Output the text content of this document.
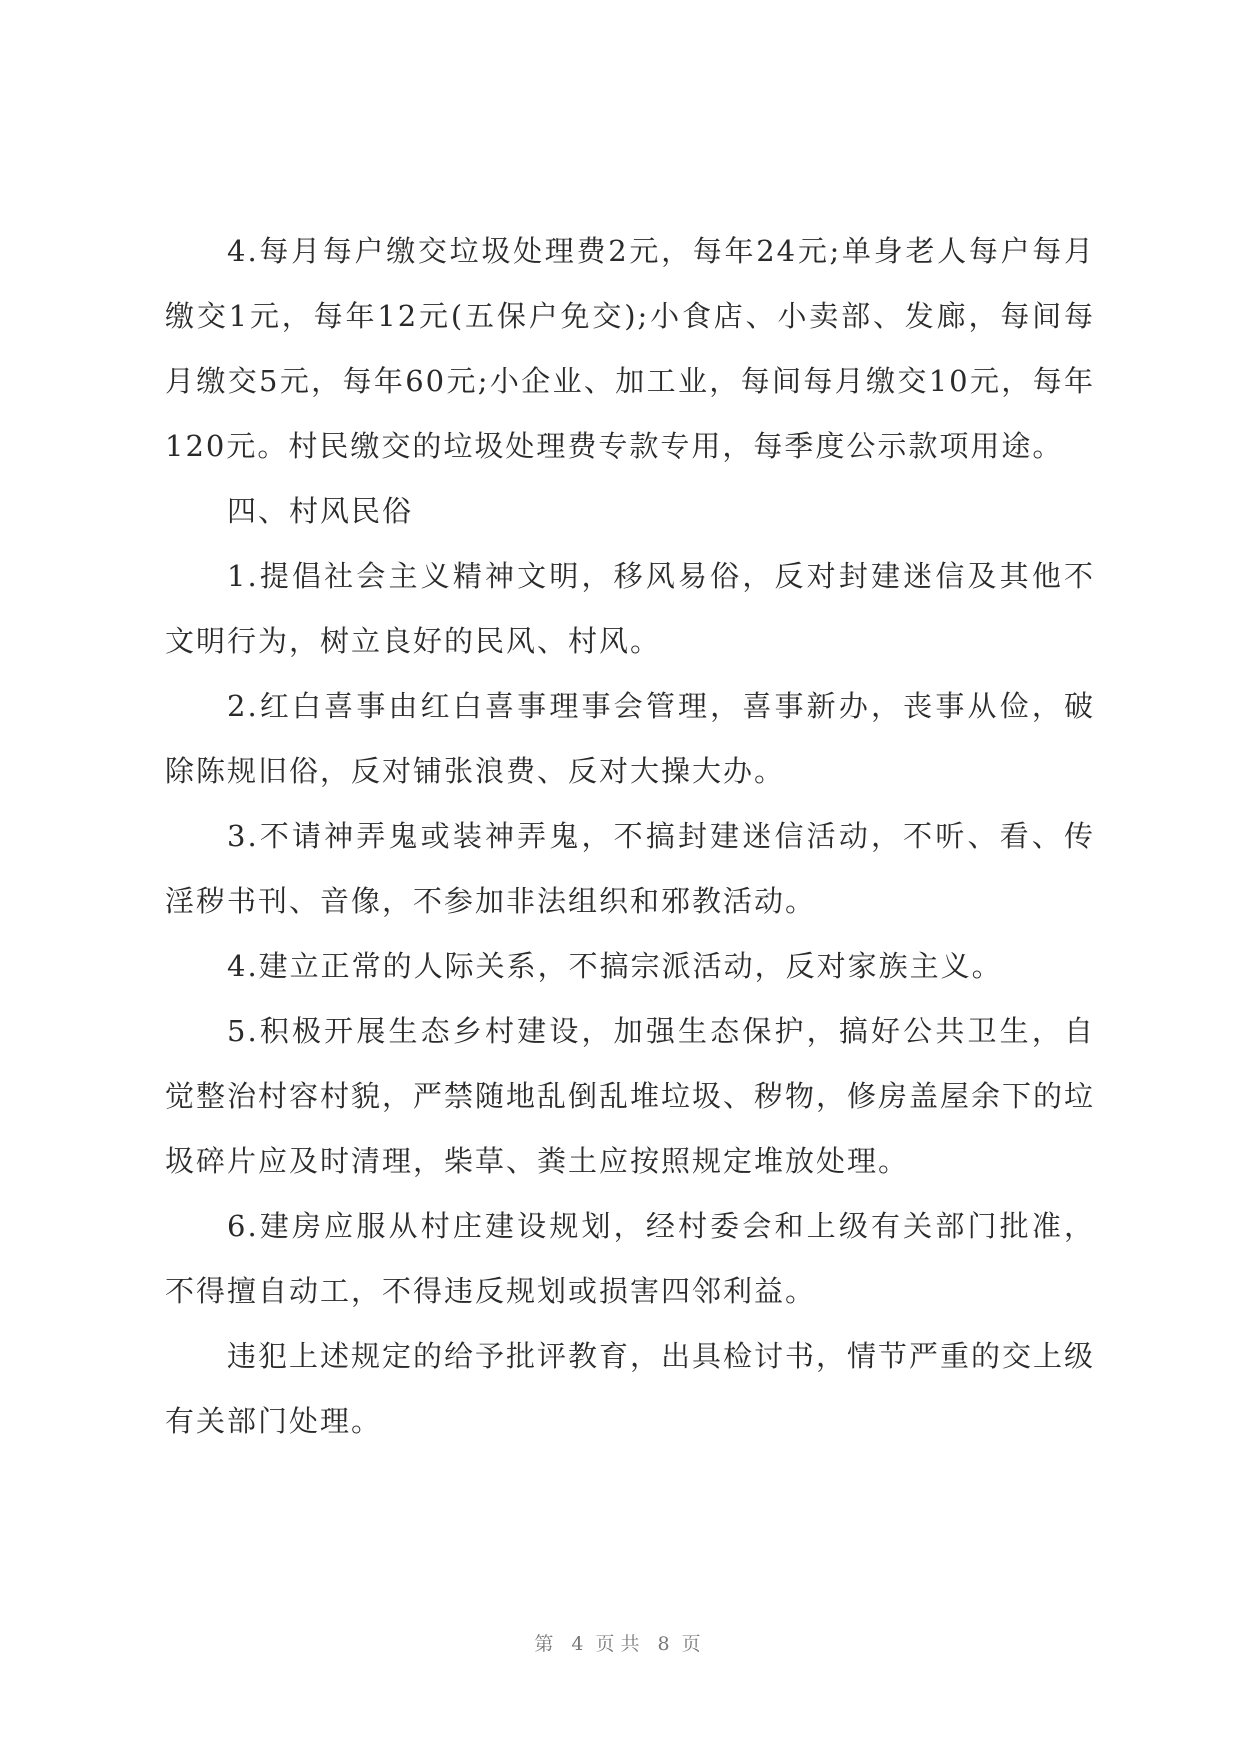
4.每月每户缴交垃圾处理费2元，每年24元;单身老人每户每月缴交1元，每年12元(五保户免交);小食店、小卖部、发廊，每间每月缴交5元，每年60元;小企业、加工业，每间每月缴交10元，每年120元。村民缴交的垃圾处理费专款专用，每季度公示款项用途。

四、村风民俗

1.提倡社会主义精神文明，移风易俗，反对封建迷信及其他不文明行为，树立良好的民风、村风。

2.红白喜事由红白喜事理事会管理，喜事新办，丧事从俭，破除陈规旧俗，反对铺张浪费、反对大操大办。

3.不请神弄鬼或装神弄鬼，不搞封建迷信活动，不听、看、传淫秽书刊、音像，不参加非法组织和邪教活动。

4.建立正常的人际关系，不搞宗派活动，反对家族主义。

5.积极开展生态乡村建设，加强生态保护，搞好公共卫生，自觉整治村容村貌，严禁随地乱倒乱堆垃圾、秽物，修房盖屋余下的垃圾碎片应及时清理，柴草、粪土应按照规定堆放处理。

6.建房应服从村庄建设规划，经村委会和上级有关部门批准，不得擅自动工，不得违反规划或损害四邻利益。

违犯上述规定的给予批评教育，出具检讨书，情节严重的交上级有关部门处理。

第 4 页共 8 页
